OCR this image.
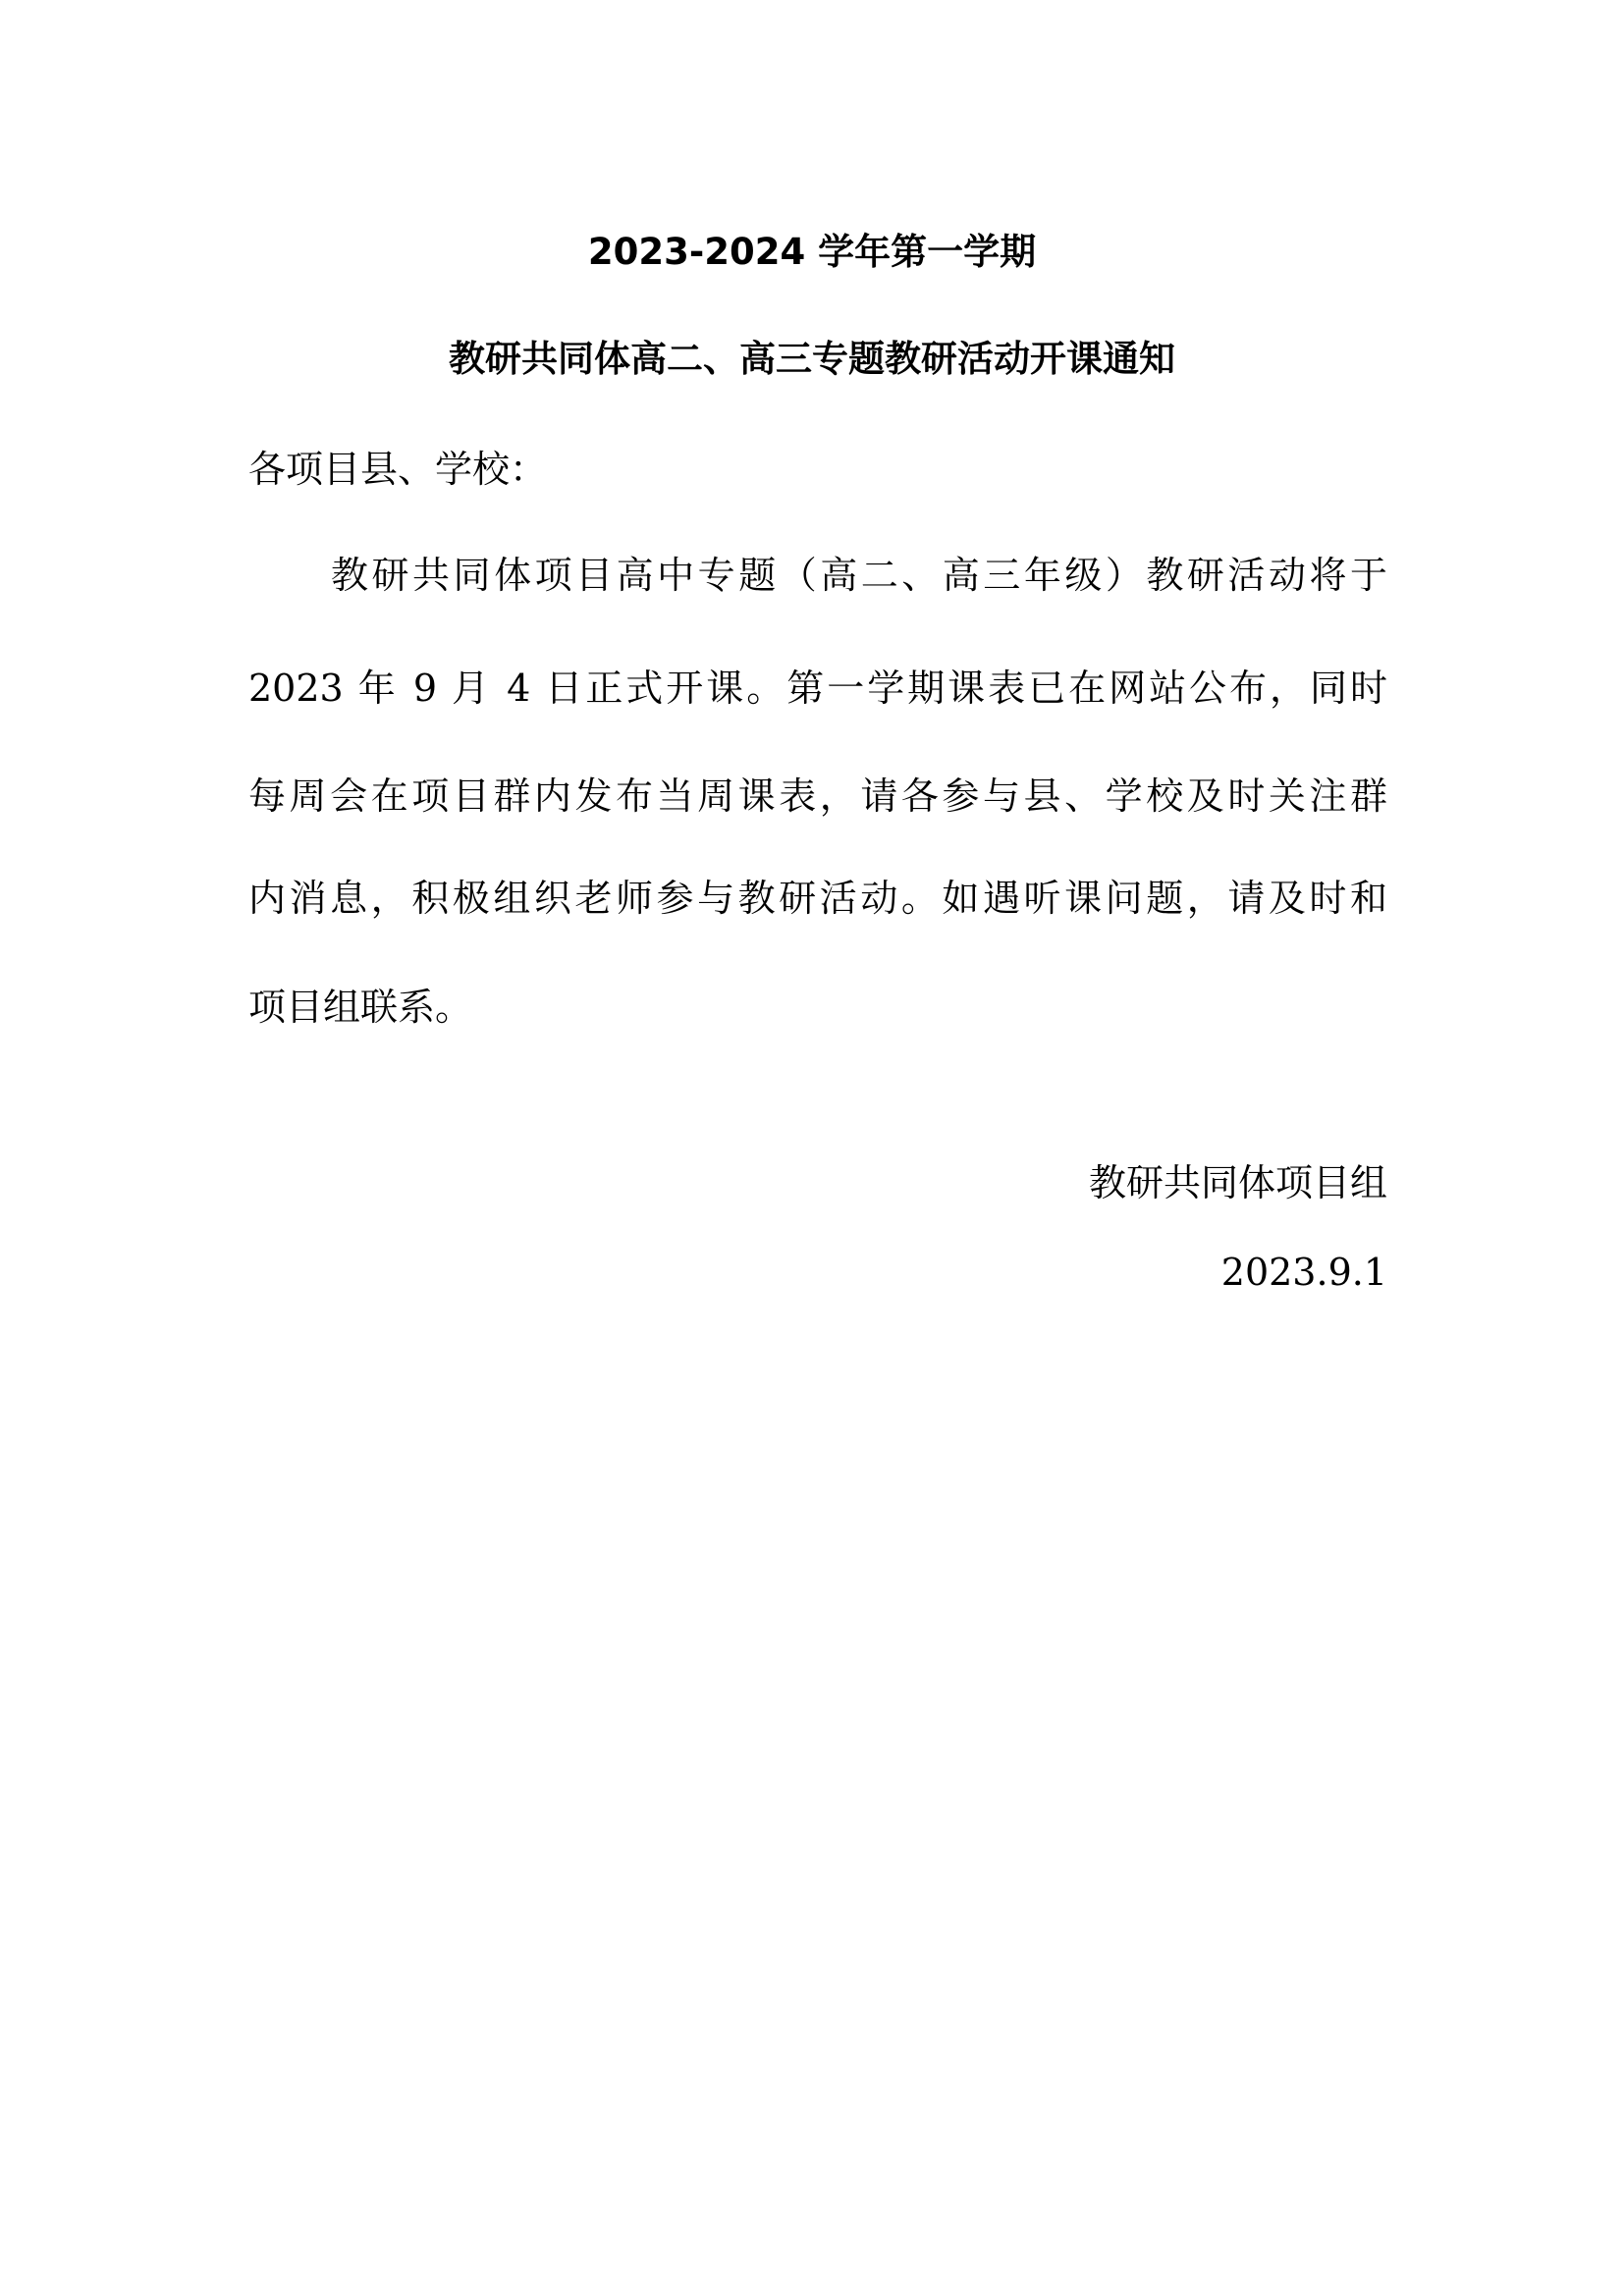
2023-2024 学年第一学期
教研共同体高二、高三专题教研活动开课通知
各项目县、学校：
教研共同体项目高中专题（高二、高三年级）教研活动将于
2023 年 9 月 4 日正式开课。第一学期课表已在网站公布，同时
每周会在项目群内发布当周课表，请各参与县、学校及时关注群
内消息，积极组织老师参与教研活动。如遇听课问题，请及时和
项目组联系。
教研共同体项目组
2023.9.1
